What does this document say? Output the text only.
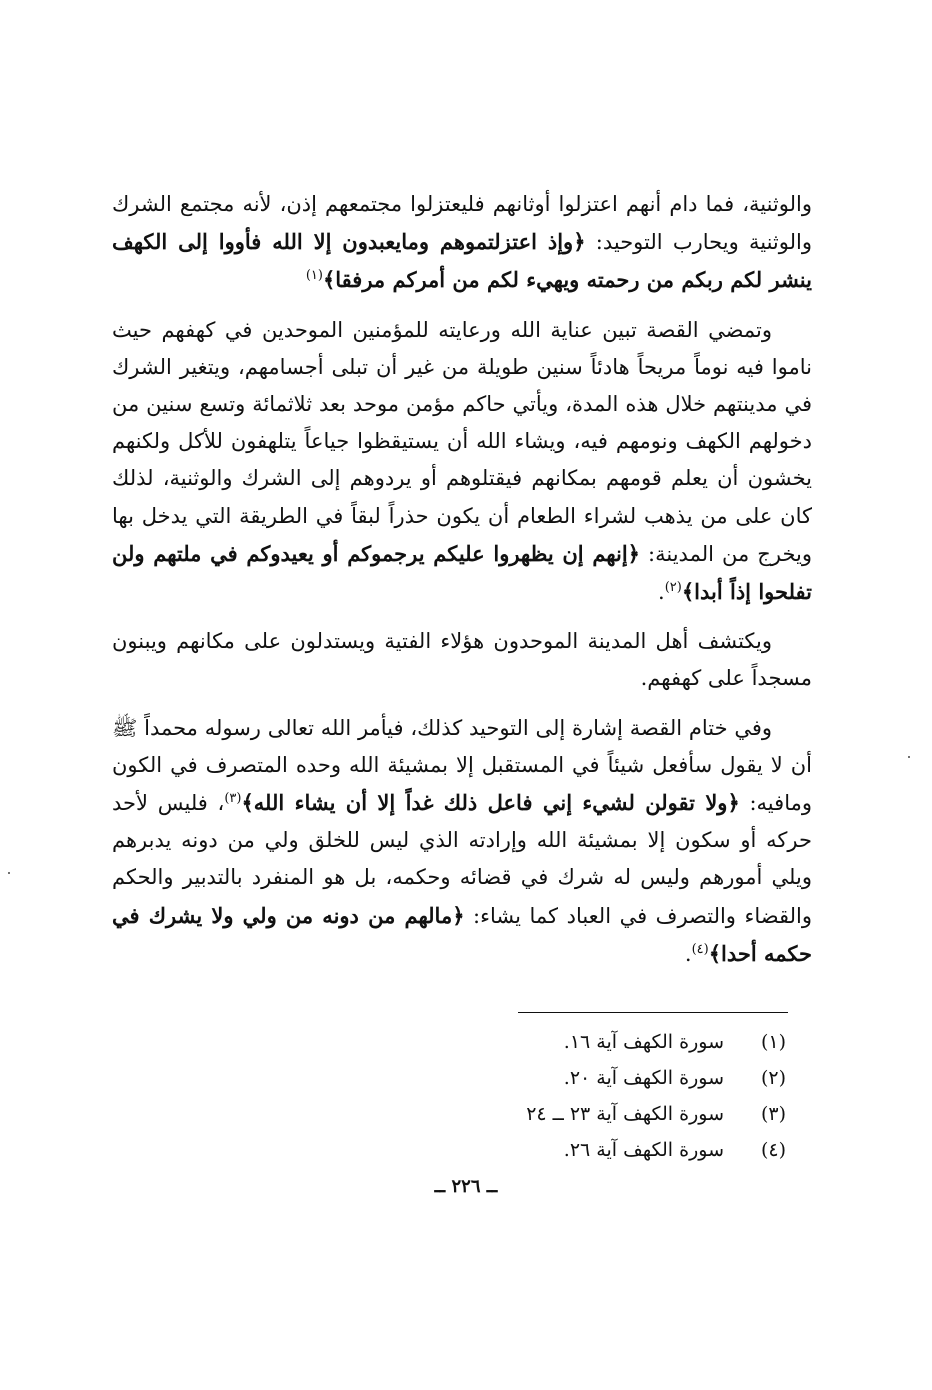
والوثنية، فما دام أنهم اعتزلوا أوثانهم فليعتزلوا مجتمعهم إذن، لأنه مجتمع الشرك والوثنية ويحارب التوحيد: ﴿وإذ اعتزلتموهم ومايعبدون إلا الله فأووا إلى الكهف ينشر لكم ربكم من رحمته ويهيء لكم من أمركم مرفقا﴾$^{(١)}$

وتمضي القصة تبين عناية الله ورعايته للمؤمنين الموحدين في كهفهم حيث ناموا فيه نوماً مريحاً هادئاً سنين طويلة من غير أن تبلى أجسامهم، ويتغير الشرك في مدينتهم خلال هذه المدة، ويأتي حاكم مؤمن موحد بعد ثلاثمائة وتسع سنين من دخولهم الكهف ونومهم فيه، ويشاء الله أن يستيقظوا جياعاً يتلهفون للأكل ولكنهم يخشون أن يعلم قومهم بمكانهم فيقتلوهم أو يردوهم إلى الشرك والوثنية، لذلك كان على من يذهب لشراء الطعام أن يكون حذراً لبقاً في الطريقة التي يدخل بها ويخرج من المدينة: ﴿إنهم إن يظهروا عليكم يرجموكم أو يعيدوكم في ملتهم ولن تفلحوا إذاً أبدا﴾$^{(٢)}$.

ويكتشف أهل المدينة الموحدون هؤلاء الفتية ويستدلون على مكانهم ويبنون مسجداً على كهفهم.

وفي ختام القصة إشارة إلى التوحيد كذلك، فيأمر الله تعالى رسوله محمداً ﷺ أن لا يقول سأفعل شيئاً في المستقبل إلا بمشيئة الله وحده المتصرف في الكون ومافيه: ﴿ولا تقولن لشيء إني فاعل ذلك غداً إلا أن يشاء الله﴾$^{(٣)}$، فليس لأحد حركه أو سكون إلا بمشيئة الله وإرادته الذي ليس للخلق ولي من دونه يدبرهم ويلي أمورهم وليس له شرك في قضائه وحكمه، بل هو المنفرد بالتدبير والحكم والقضاء والتصرف في العباد كما يشاء: ﴿مالهم من دونه من ولي ولا يشرك في حكمه أحدا﴾$^{(٤)}$.

(١)
سورة الكهف آية ١٦.
(٢)
سورة الكهف آية ٢٠.
(٣)
سورة الكهف آية ٢٣ ــ ٢٤
(٤)
سورة الكهف آية ٢٦.
ــ ٢٢٦ ــ
